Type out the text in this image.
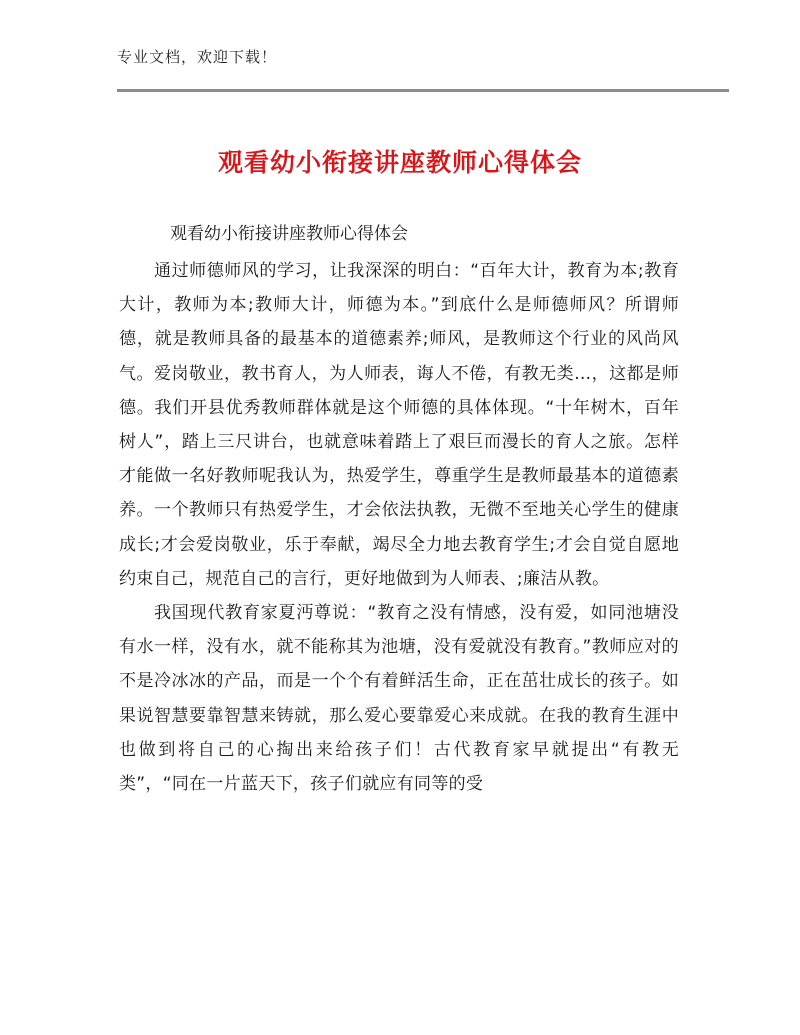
专业文档，欢迎下载！
观看幼小衔接讲座教师心得体会
观看幼小衔接讲座教师心得体会

通过师德师风的学习，让我深深的明白：“百年大计，教育为本;教育大计，教师为本;教师大计，师德为本。”到底什么是师德师风？所谓师德，就是教师具备的最基本的道德素养;师风，是教师这个行业的风尚风气。爱岗敬业，教书育人，为人师表，诲人不倦，有教无类…，这都是师德。我们开县优秀教师群体就是这个师德的具体体现。“十年树木，百年树人”，踏上三尺讲台，也就意味着踏上了艰巨而漫长的育人之旅。怎样才能做一名好教师呢我认为，热爱学生，尊重学生是教师最基本的道德素养。一个教师只有热爱学生，才会依法执教，无微不至地关心学生的健康成长;才会爱岗敬业，乐于奉献，竭尽全力地去教育学生;才会自觉自愿地约束自己，规范自己的言行，更好地做到为人师表、;廉洁从教。

我国现代教育家夏沔尊说：“教育之没有情感，没有爱，如同池塘没有水一样，没有水，就不能称其为池塘，没有爱就没有教育。”教师应对的不是冷冰冰的产品，而是一个个有着鲜活生命，正在茁壮成长的孩子。如果说智慧要靠智慧来铸就，那么爱心要靠爱心来成就。在我的教育生涯中也做到将自己的心掏出来给孩子们！古代教育家早就提出“有教无类”，“同在一片蓝天下，孩子们就应有同等的受
